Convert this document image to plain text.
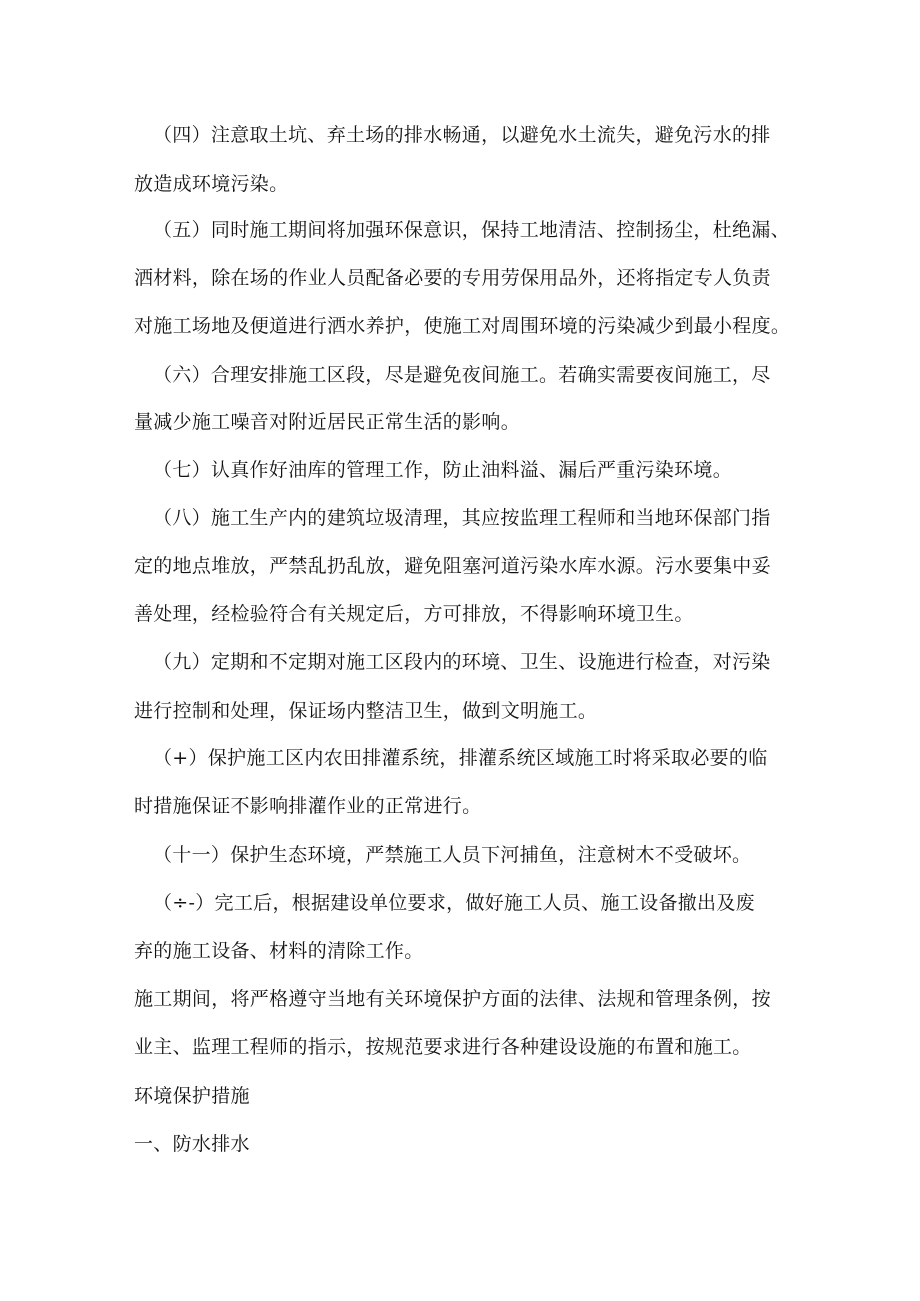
（四）注意取土坑、弃土场的排水畅通，以避免水土流失，避免污水的排
放造成环境污染。
（五）同时施工期间将加强环保意识，保持工地清洁、控制扬尘，杜绝漏、
洒材料，除在场的作业人员配备必要的专用劳保用品外，还将指定专人负责
对施工场地及便道进行洒水养护，使施工对周围环境的污染减少到最小程度。
（六）合理安排施工区段，尽是避免夜间施工。若确实需要夜间施工，尽
量减少施工噪音对附近居民正常生活的影响。
（七）认真作好油库的管理工作，防止油料溢、漏后严重污染环境。
（八）施工生产内的建筑垃圾清理，其应按监理工程师和当地环保部门指
定的地点堆放，严禁乱扔乱放，避免阻塞河道污染水库水源。污水要集中妥
善处理，经检验符合有关规定后，方可排放，不得影响环境卫生。
（九）定期和不定期对施工区段内的环境、卫生、设施进行检查，对污染
进行控制和处理，保证场内整洁卫生，做到文明施工。
（+）保护施工区内农田排灌系统，排灌系统区域施工时将采取必要的临
时措施保证不影响排灌作业的正常进行。
（十一）保护生态环境，严禁施工人员下河捕鱼，注意树木不受破坏。
（÷-）完工后，根据建设单位要求，做好施工人员、施工设备撤出及废
弃的施工设备、材料的清除工作。
施工期间，将严格遵守当地有关环境保护方面的法律、法规和管理条例，按
业主、监理工程师的指示，按规范要求进行各种建设设施的布置和施工。
环境保护措施
一、防水排水
